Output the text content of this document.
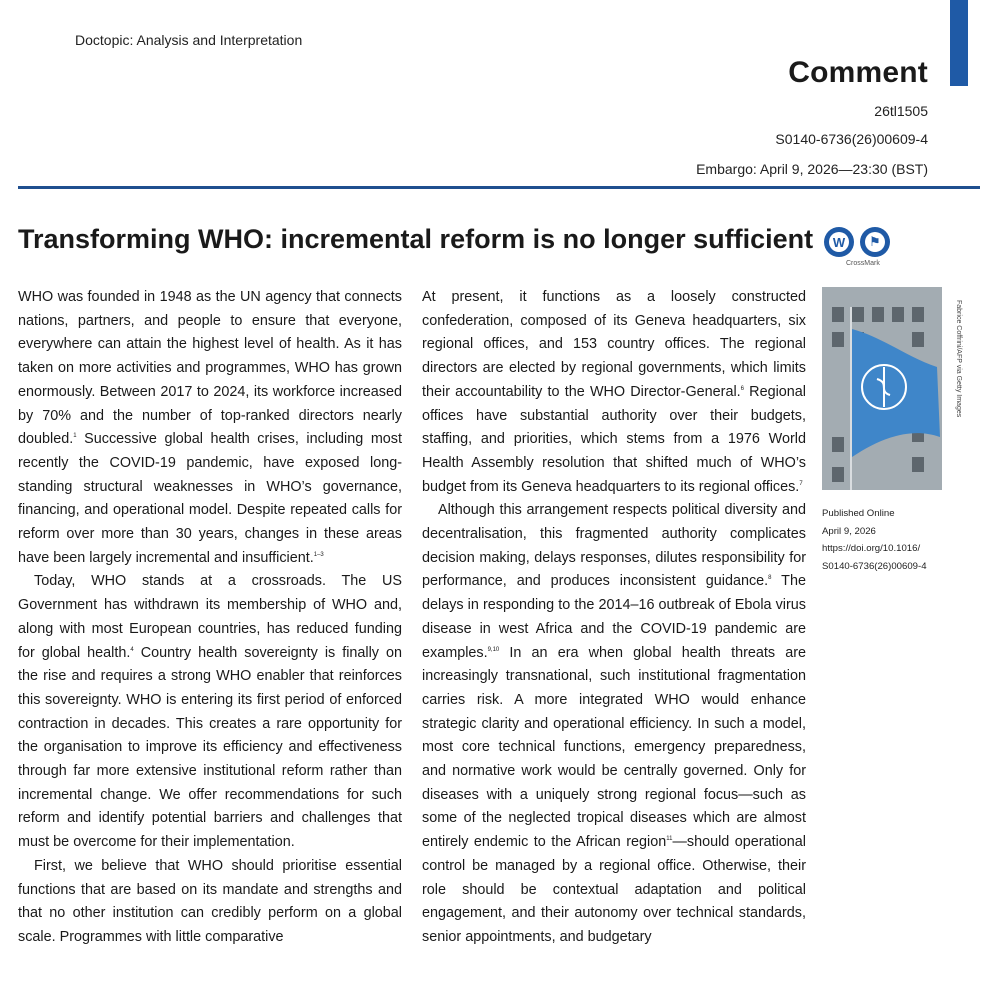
Doctopic: Analysis and Interpretation
Comment
26tl1505
S0140-6736(26)00609-4
Embargo: April 9, 2026—23:30 (BST)
Transforming WHO: incremental reform is no longer sufficient W	⚑
CrossMark

WHO was founded in 1948 as the UN agency that connects nations, partners, and people to ensure that everyone, everywhere can attain the highest level of health. As it has taken on more activities and programmes, WHO has grown enormously. Between 2017 to 2024, its workforce increased by 70% and the number of top-ranked directors nearly doubled.$^1$ Successive global health crises, including most recently the COVID-19 pandemic, have exposed long-standing structural weaknesses in WHO’s governance, financing, and operational model. Despite repeated calls for reform over more than 30 years, changes in these areas have been largely incremental and insufficient.$^{1-3}$

Today, WHO stands at a crossroads. The US Government has withdrawn its membership of WHO and, along with most European countries, has reduced funding for global health.$^4$ Country health sovereignty is finally on the rise and requires a strong WHO enabler that reinforces this sovereignty. WHO is entering its first period of enforced contraction in decades. This creates a rare opportunity for the organisation to improve its efficiency and effectiveness through far more extensive institutional reform rather than incremental change. We offer recommendations for such reform and identify potential barriers and challenges that must be overcome for their implementation.

First, we believe that WHO should prioritise essential functions that are based on its mandate and strengths and that no other institution can credibly perform on a global scale. Programmes with little comparative

At present, it functions as a loosely constructed confederation, composed of its Geneva headquarters, six regional offices, and 153 country offices. The regional directors are elected by regional governments, which limits their accountability to the WHO Director-General.$^6$ Regional offices have substantial authority over their budgets, staffing, and priorities, which stems from a 1976 World Health Assembly resolution that shifted much of WHO’s budget from its Geneva headquarters to its regional offices.$^7$

Although this arrangement respects political diversity and decentralisation, this fragmented authority complicates decision making, delays responses, dilutes responsibility for performance, and produces inconsistent guidance.$^8$ The delays in responding to the 2014–16 outbreak of Ebola virus disease in west Africa and the COVID-19 pandemic are examples.$^{9,10}$ In an era when global health threats are increasingly transnational, such institutional fragmentation carries risk. A more integrated WHO would enhance strategic clarity and operational efficiency. In such a model, most core technical functions, emergency preparedness, and normative work would be centrally governed. Only for diseases with a uniquely strong regional focus—such as some of the neglected tropical diseases which are almost entirely endemic to the African region$^{11}$—should operational control be managed by a regional office. Otherwise, their role should be contextual adaptation and political engagement, and their autonomy over technical standards, senior appointments, and budgetary

Fabrice Coffrini/AFP via Getty Images
Published Online
April 9, 2026
https://doi.org/10.1016/
S0140-6736(26)00609-4
